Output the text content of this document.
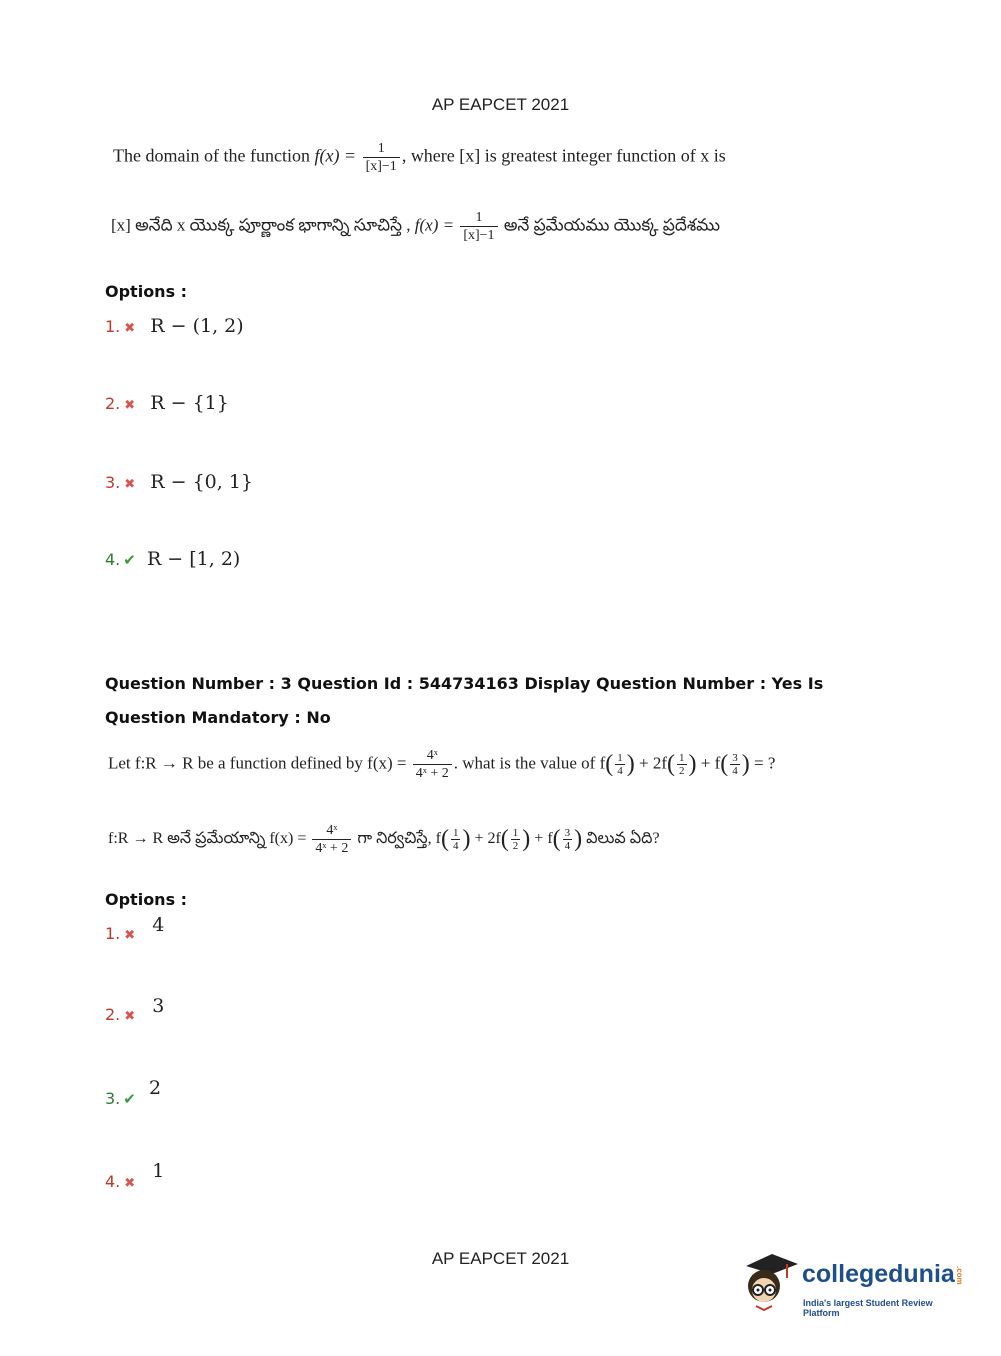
AP EAPCET 2021
The domain of the function $f(x) = \frac{1}{[x]-1}$ , where [x] is greatest integer function of x is
[x] అనేది x యొక్క పూర్ణాంక భాగాన్ని సూచిస్తే , $f(x) = \frac{1}{[x]-1}$ అనే ప్రమేయము యొక్క ప్రదేశము
Options :
1. ✖ R − (1, 2)
2. ✖ R − {1}
3. ✖ R − {0, 1}
4. ✔ R − [1, 2)
Question Number : 3 Question Id : 544734163 Display Question Number : Yes Is Question Mandatory : No
Let f:R → R be a function defined by $f(x) = \frac{\text{4ˣ}}{\text{4ˣ + 2}}$ . what is the value of $f( \frac{1}{4}$ ) + $2f( \frac{1}{2}$ ) + $f( \frac{3}{4}$ ) = ?
f:R → R అనే ప్రమేయాన్ని $f(x) = \frac{\text{4ˣ}}{\text{4ˣ + 2}}$ గా నిర్వచిస్తే, $f( \frac{1}{4}$ ) + $2f( \frac{1}{2}$ ) + $f( \frac{3}{4}$ ) విలువ ఏది?
Options :
1. ✖ 4
2. ✖ 3
3. ✔ 2
4. ✖ 1
AP EAPCET 2021
collegedunia.com
India's largest Student Review Platform
